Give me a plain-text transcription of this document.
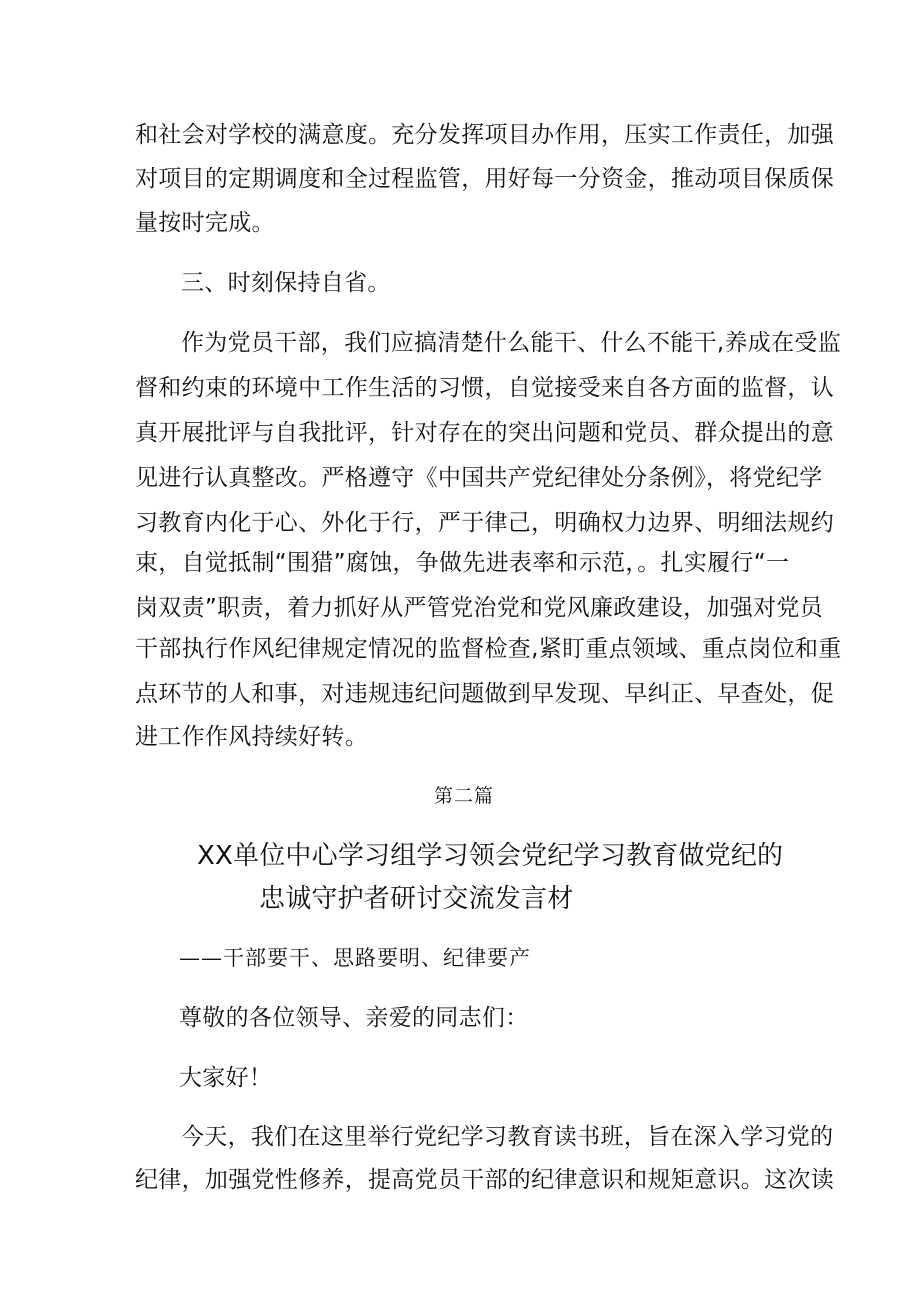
和社会对学校的满意度。充分发挥项目办作用，压实工作责任，加强
对项目的定期调度和全过程监管，用好每一分资金，推动项目保质保
量按时完成。
三、时刻保持自省。
作为党员干部，我们应搞清楚什么能干、什么不能干,养成在受监
督和约束的环境中工作生活的习惯，自觉接受来自各方面的监督，认
真开展批评与自我批评，针对存在的突出问题和党员、群众提出的意
见进行认真整改。严格遵守《中国共产党纪律处分条例》，将党纪学
习教育内化于心、外化于行，严于律己，明确权力边界、明细法规约
束，自觉抵制“围猎”腐蚀，争做先进表率和示范，。扎实履行“一
岗双责”职责，着力抓好从严管党治党和党风廉政建设，加强对党员
干部执行作风纪律规定情况的监督检查,紧盯重点领域、重点岗位和重
点环节的人和事，对违规违纪问题做到早发现、早纠正、早查处，促
进工作作风持续好转。
第二篇
XX单位中心学习组学习领会党纪学习教育做党纪的
忠诚守护者研讨交流发言材
——干部要干、思路要明、纪律要产
尊敬的各位领导、亲爱的同志们：
大家好！
今天，我们在这里举行党纪学习教育读书班，旨在深入学习党的
纪律，加强党性修养，提高党员干部的纪律意识和规矩意识。这次读
